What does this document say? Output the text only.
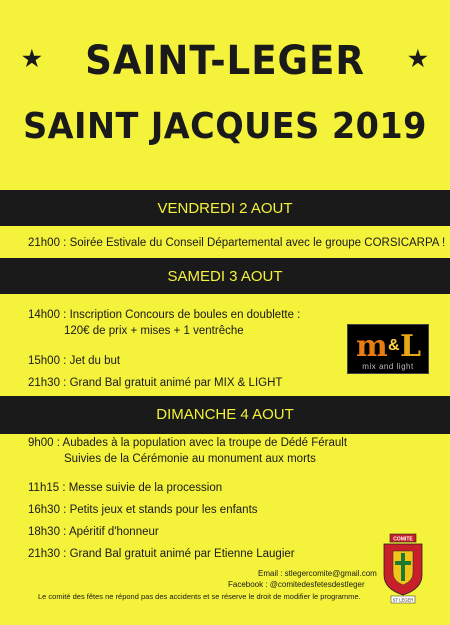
★	★
SAINT-LEGER
SAINT JACQUES 2019
VENDREDI 2 AOUT
21h00 : Soirée Estivale du Conseil Départemental avec le groupe CORSICARPA !
SAMEDI 3 AOUT
14h00 : Inscription Concours de boules en doublette :
120€ de prix + mises + 1 ventrêche
15h00 : Jet du but
21h30 : Grand Bal gratuit animé par MIX & LIGHT
m & L
mix and light
DIMANCHE 4 AOUT
9h00 : Aubades à la population avec la troupe de Dédé Férault
Suivies de la Cérémonie au monument aux morts
11h15 : Messe suivie de la procession
16h30 : Petits jeux et stands pour les enfants
18h30 : Apéritif d'honneur
21h30 : Grand Bal gratuit animé par Etienne Laugier
Email : stlegercomite@gmail.com
Facebook : @comitedesfetesdestleger
Le comité des fêtes ne répond pas des accidents et se réserve le droit de modifier le programme.
COMITE
ST LEGER
